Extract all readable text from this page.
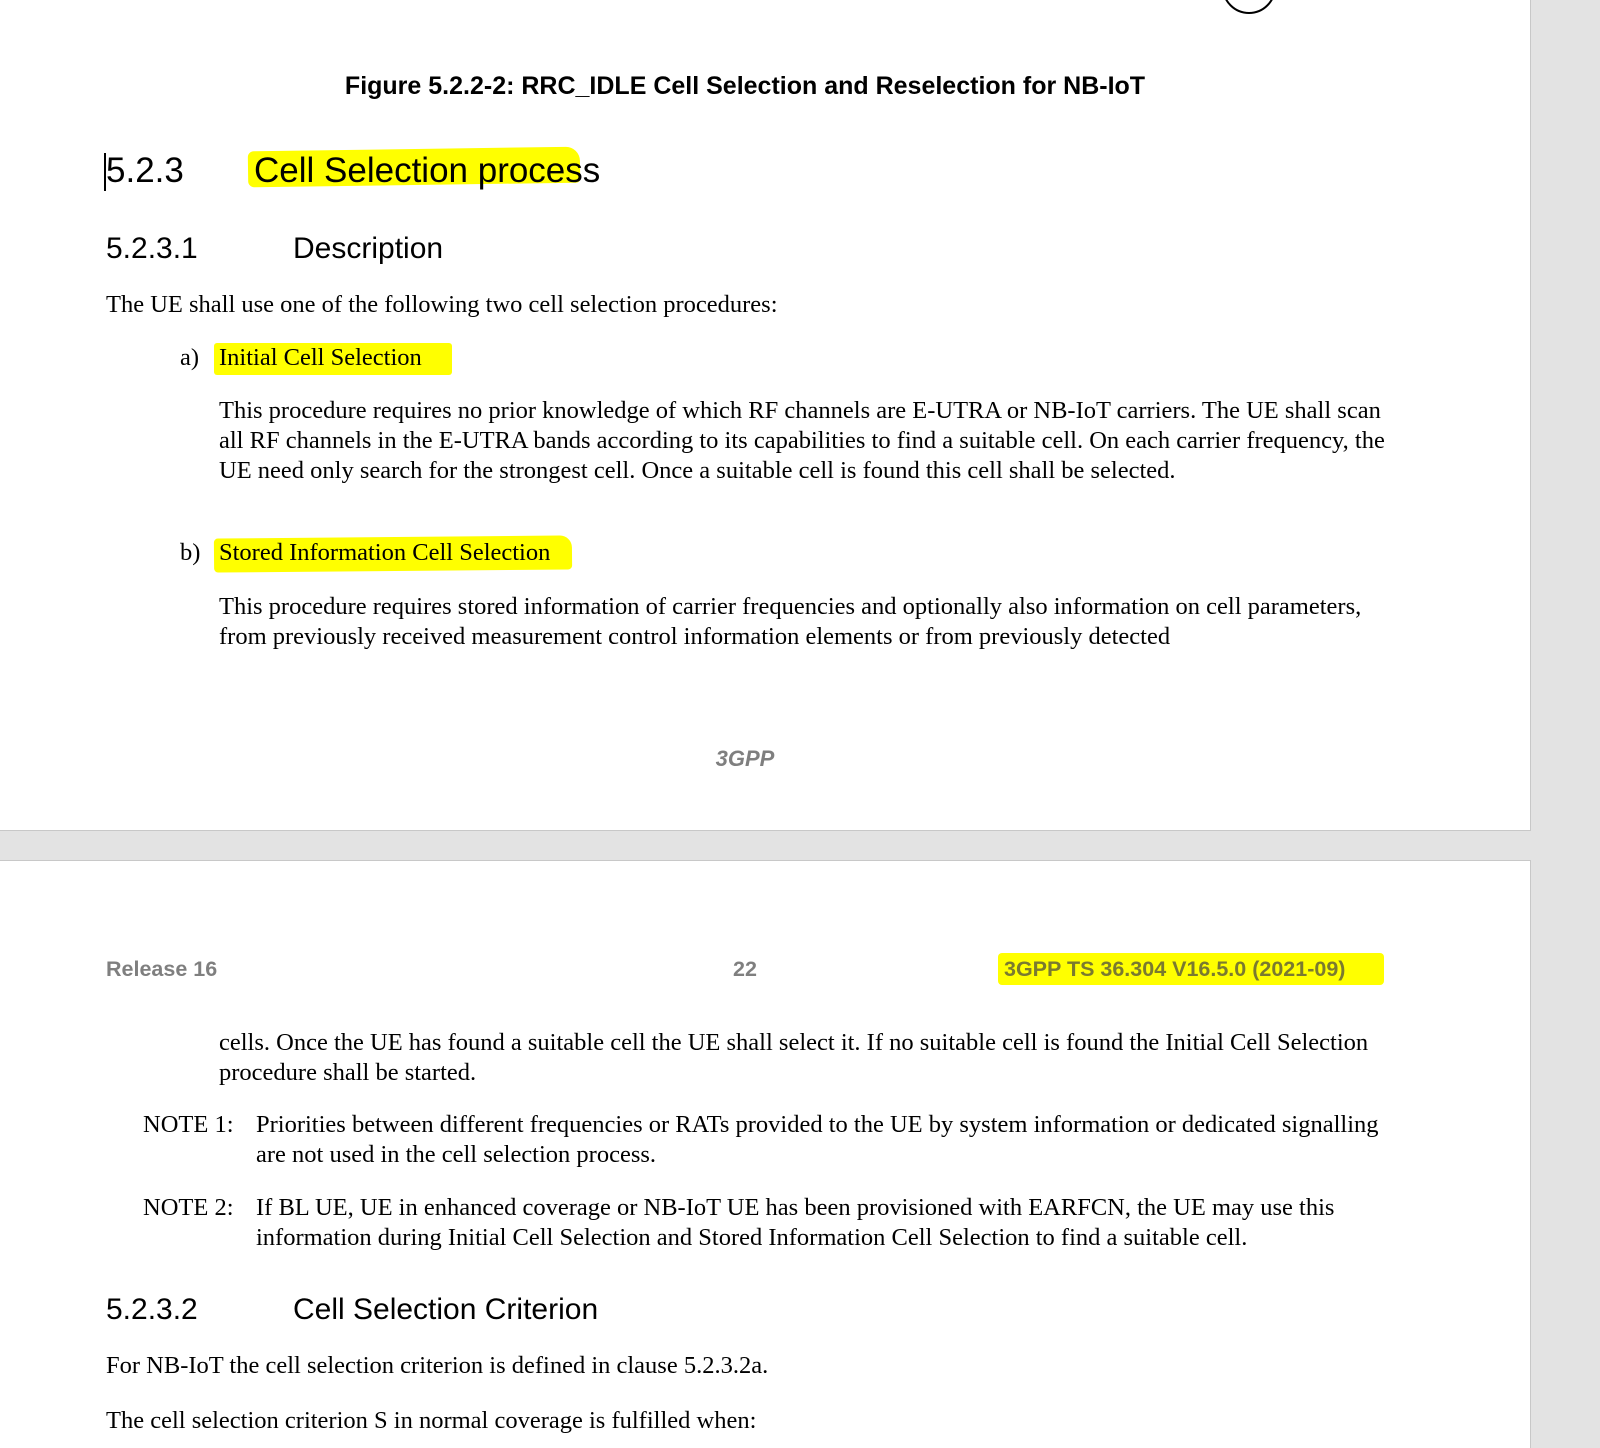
Figure 5.2.2-2: RRC_IDLE Cell Selection and Reselection for NB-IoT
5.2.3 Cell Selection process
5.2.3.1	Description
The UE shall use one of the following two cell selection procedures:
a) Initial Cell Selection
This procedure requires no prior knowledge of which RF channels are E-UTRA or NB-IoT carriers. The UE shall scan all RF channels in the E-UTRA bands according to its capabilities to find a suitable cell. On each carrier frequency, the UE need only search for the strongest cell. Once a suitable cell is found this cell shall be selected.
b) Stored Information Cell Selection
This procedure requires stored information of carrier frequencies and optionally also information on cell parameters, from previously received measurement control information elements or from previously detected
3GPP
Release 16	22	3GPP TS 36.304 V16.5.0 (2021-09)
cells. Once the UE has found a suitable cell the UE shall select it. If no suitable cell is found the Initial Cell Selection procedure shall be started.
NOTE 1: Priorities between different frequencies or RATs provided to the UE by system information or dedicated signalling are not used in the cell selection process.
NOTE 2: If BL UE, UE in enhanced coverage or NB-IoT UE has been provisioned with EARFCN, the UE may use this information during Initial Cell Selection and Stored Information Cell Selection to find a suitable cell.
5.2.3.2	Cell Selection Criterion
For NB-IoT the cell selection criterion is defined in clause 5.2.3.2a.
The cell selection criterion S in normal coverage is fulfilled when:
